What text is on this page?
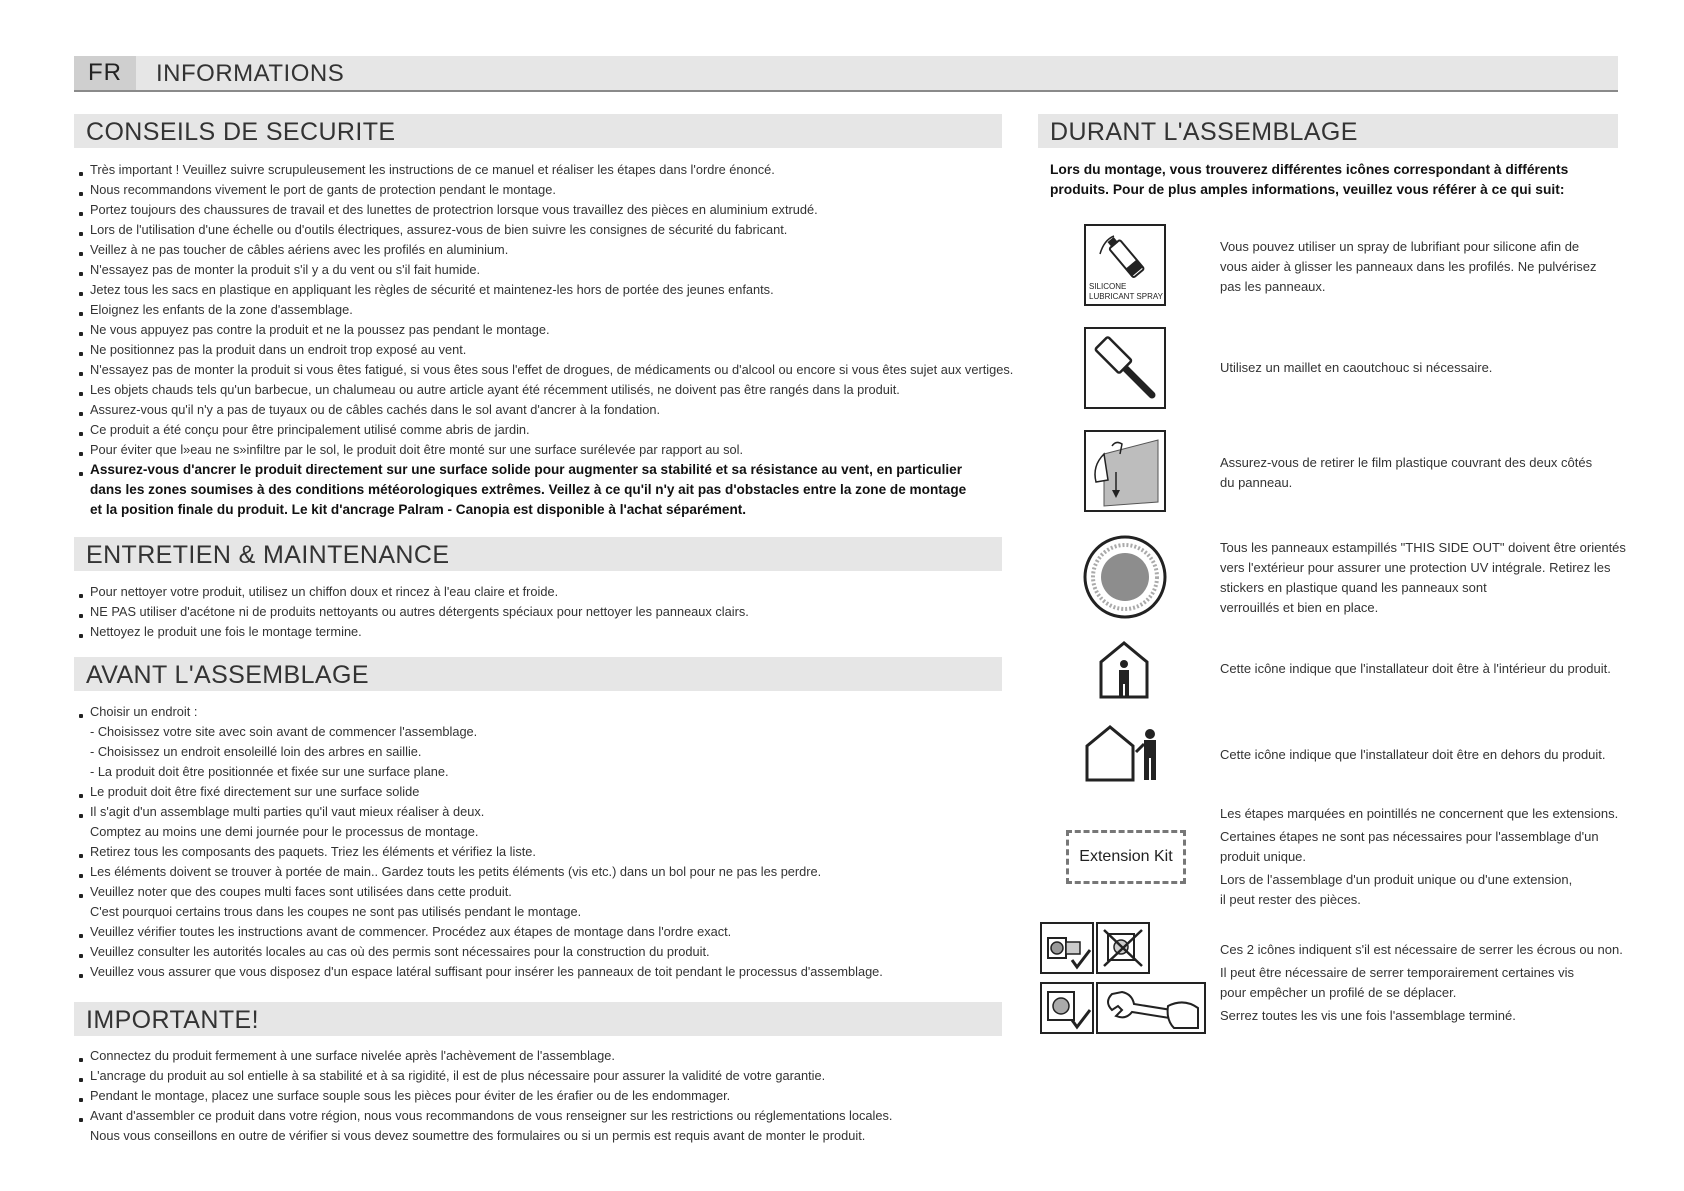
FR	INFORMATIONS
CONSEILS DE SECURITE
Très important ! Veuillez suivre scrupuleusement les instructions de ce manuel et réaliser les étapes dans l'ordre énoncé.
Nous recommandons vivement le port de gants de protection pendant le montage.
Portez toujours des chaussures de travail et des lunettes de protectrion lorsque vous travaillez des pièces en aluminium extrudé.
Lors de l'utilisation d'une échelle ou d'outils électriques, assurez-vous de bien suivre les consignes de sécurité du fabricant.
Veillez à ne pas toucher de câbles aériens avec les profilés en aluminium.
N'essayez pas de monter la produit s'il y a du vent ou s'il fait humide.
Jetez tous les sacs en plastique en appliquant les règles de sécurité et maintenez-les hors de portée des jeunes enfants.
Eloignez les enfants de la zone d'assemblage.
Ne vous appuyez pas contre la produit et ne la poussez pas pendant le montage.
Ne positionnez pas la produit dans un endroit trop exposé au vent.
N'essayez pas de monter la produit si vous êtes fatigué, si vous êtes sous l'effet de drogues, de médicaments ou d'alcool ou encore si vous êtes sujet aux vertiges.
Les objets chauds tels qu'un barbecue, un chalumeau ou autre article ayant été récemment utilisés, ne doivent pas être rangés dans la produit.
Assurez-vous qu'il n'y a pas de tuyaux ou de câbles cachés dans le sol avant d'ancrer à la fondation.
Ce produit a été conçu pour être principalement utilisé comme abris de jardin.
Pour éviter que l»eau ne s»infiltre par le sol, le produit doit être monté sur une surface surélevée par rapport au sol.
Assurez-vous d'ancrer le produit directement sur une surface solide pour augmenter sa stabilité et sa résistance au vent, en particulier
dans les zones soumises à des conditions météorologiques extrêmes. Veillez à ce qu'il n'y ait pas d'obstacles entre la zone de montage
et la position finale du produit. Le kit d'ancrage Palram - Canopia est disponible à l'achat séparément.
ENTRETIEN & MAINTENANCE
Pour nettoyer votre produit, utilisez un chiffon doux et rincez à l'eau claire et froide.
NE PAS utiliser d'acétone ni de produits nettoyants ou autres détergents spéciaux pour nettoyer les panneaux clairs.
Nettoyez le produit une fois le montage termine.
AVANT L'ASSEMBLAGE
Choisir un endroit :
- Choisissez votre site avec soin avant de commencer l'assemblage.
- Choisissez un endroit ensoleillé loin des arbres en saillie.
- La produit doit être positionnée et fixée sur une surface plane.
Le produit doit être fixé directement sur une surface solide
Il s'agit d'un assemblage multi parties qu'il vaut mieux réaliser à deux.
Comptez au moins une demi journée pour le processus de montage.
Retirez tous les composants des paquets. Triez les éléments et vérifiez la liste.
Les éléments doivent se trouver à portée de main.. Gardez touts les petits éléments (vis etc.) dans un bol pour ne pas les perdre.
Veuillez noter que des coupes multi faces sont utilisées dans cette produit.
C'est pourquoi certains trous dans les coupes ne sont pas utilisés pendant le montage.
Veuillez vérifier toutes les instructions avant de commencer. Procédez aux étapes de montage dans l'ordre exact.
Veuillez consulter les autorités locales au cas où des permis sont nécessaires pour la construction du produit.
Veuillez vous assurer que vous disposez d'un espace latéral suffisant pour insérer les panneaux de toit pendant le processus d'assemblage.
IMPORTANTE!
Connectez du produit fermement à une surface nivelée après l'achèvement de l'assemblage.
L'ancrage du produit au sol entielle à sa stabilité et à sa rigidité, il est de plus nécessaire pour assurer la validité de votre garantie.
Pendant le montage, placez une surface souple sous les pièces pour éviter de les érafier ou de les endommager.
Avant d'assembler ce produit dans votre région, nous vous recommandons de vous renseigner sur les restrictions ou réglementations locales.
Nous vous conseillons en outre de vérifier si vous devez soumettre des formulaires ou si un permis est requis avant de monter le produit.
DURANT L'ASSEMBLAGE
Lors du montage, vous trouverez différentes icônes correspondant à différents
produits. Pour de plus amples informations, veuillez vous référer à ce qui suit:
SILICONE
LUBRICANT SPRAY

Vous pouvez utiliser un spray de lubrifiant pour silicone afin de

vous aider à glisser les panneaux dans les profilés. Ne pulvérisez

pas les panneaux.

Utilisez un maillet en caoutchouc si nécessaire.

Assurez-vous de retirer le film plastique couvrant des deux côtés

du panneau.

Tous les panneaux estampillés "THIS SIDE OUT" doivent être orientés

vers l'extérieur pour assurer une protection UV intégrale. Retirez les

stickers en plastique quand les panneaux sont

verrouillés et bien en place.

Cette icône indique que l'installateur doit être à l'intérieur du produit.

Cette icône indique que l'installateur doit être en dehors du produit.

Extension Kit

Les étapes marquées en pointillés ne concernent que les extensions.

Certaines étapes ne sont pas nécessaires pour l'assemblage d'un

produit unique.

Lors de l'assemblage d'un produit unique ou d'une extension,

il peut rester des pièces.

Ces 2 icônes indiquent s'il est nécessaire de serrer les écrous ou non.

Il peut être nécessaire de serrer temporairement certaines vis

pour empêcher un profilé de se déplacer.

Serrez toutes les vis une fois l'assemblage terminé.
